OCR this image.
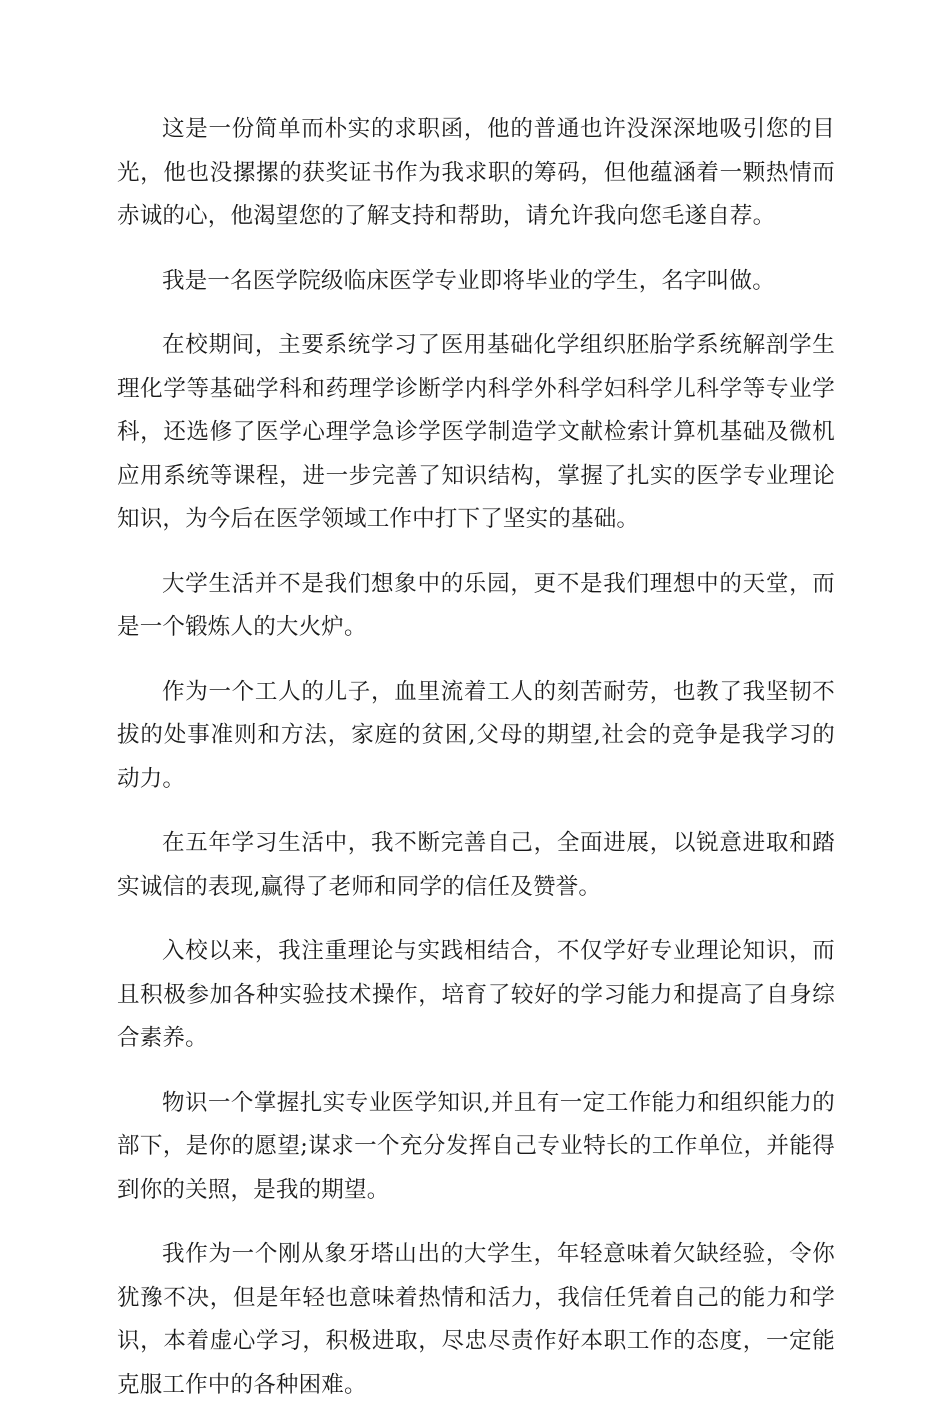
这是一份简单而朴实的求职函，他的普通也许没深深地吸引您的目光，他也没摞摞的获奖证书作为我求职的筹码，但他蕴涵着一颗热情而赤诚的心，他渴望您的了解支持和帮助，请允许我向您毛遂自荐。

我是一名医学院级临床医学专业即将毕业的学生，名字叫做。

在校期间，主要系统学习了医用基础化学组织胚胎学系统解剖学生理化学等基础学科和药理学诊断学内科学外科学妇科学儿科学等专业学科，还选修了医学心理学急诊学医学制造学文献检索计算机基础及微机应用系统等课程，进一步完善了知识结构，掌握了扎实的医学专业理论知识，为今后在医学领域工作中打下了坚实的基础。

大学生活并不是我们想象中的乐园，更不是我们理想中的天堂，而是一个锻炼人的大火炉。

作为一个工人的儿子，血里流着工人的刻苦耐劳，也教了我坚韧不拔的处事准则和方法，家庭的贫困,父母的期望,社会的竞争是我学习的动力。

在五年学习生活中，我不断完善自己，全面进展，以锐意进取和踏实诚信的表现,赢得了老师和同学的信任及赞誉。

入校以来，我注重理论与实践相结合，不仅学好专业理论知识，而且积极参加各种实验技术操作，培育了较好的学习能力和提高了自身综合素养。

物识一个掌握扎实专业医学知识,并且有一定工作能力和组织能力的部下，是你的愿望;谋求一个充分发挥自己专业特长的工作单位，并能得到你的关照，是我的期望。

我作为一个刚从象牙塔山出的大学生，年轻意味着欠缺经验，令你犹豫不决，但是年轻也意味着热情和活力，我信任凭着自己的能力和学识，本着虚心学习，积极进取，尽忠尽责作好本职工作的态度，一定能克服工作中的各种困难。
